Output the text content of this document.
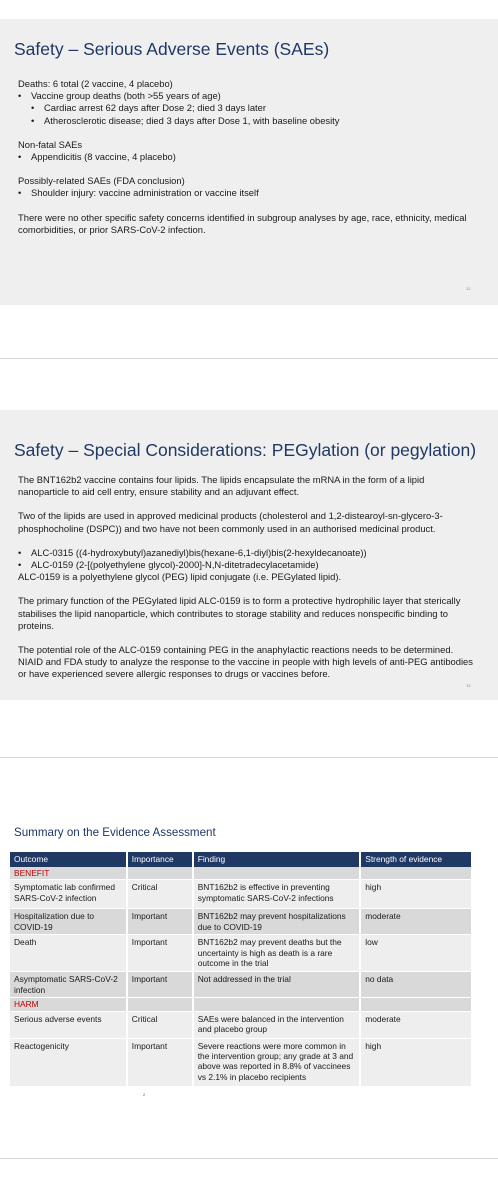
Safety – Serious Adverse Events (SAEs)

Deaths: 6 total (2 vaccine, 4 placebo)

•	Vaccine group deaths (both >55 years of age)
•	Cardiac arrest 62 days after Dose 2; died 3 days later
•	Atherosclerotic disease; died 3 days after Dose 1, with baseline obesity

Non-fatal SAEs

•	Appendicitis (8 vaccine, 4 placebo)

Possibly-related SAEs (FDA conclusion)

•	Shoulder injury: vaccine administration or vaccine itself

There were no other specific safety concerns identified in subgroup analyses by age, race, ethnicity, medical comorbidities, or prior SARS-CoV-2 infection.

12
Safety – Special Considerations: PEGylation (or pegylation)

The BNT162b2 vaccine contains four lipids. The lipids encapsulate the mRNA in the form of a lipid nanoparticle to aid cell entry, ensure stability and an adjuvant effect.

Two of the lipids are used in approved medicinal products (cholesterol and 1,2-distearoyl-sn-glycero-3-phosphocholine (DSPC)) and two have not been commonly used in an authorised medicinal product.

•	ALC-0315 ((4-hydroxybutyl)azanediyl)bis(hexane-6,1-diyl)bis(2-hexyldecanoate))
•	ALC-0159 (2-[(polyethylene glycol)-2000]-N,N-ditetradecylacetamide)

ALC-0159 is a polyethylene glycol (PEG) lipid conjugate (i.e. PEGylated lipid).

The primary function of the PEGylated lipid ALC-0159 is to form a protective hydrophilic layer that sterically stabilises the lipid nanoparticle, which contributes to storage stability and reduces nonspecific binding to proteins.

The potential role of the ALC-0159 containing PEG in the anaphylactic reactions needs to be determined. NIAID and FDA study to analyze the response to the vaccine in people with high levels of anti-PEG antibodies or have experienced severe allergic responses to drugs or vaccines before.

13
Summary on the Evidence Assessment
Outcome	Importance	Finding	Strength of evidence
BENEFIT			
Symptomatic lab confirmed SARS-CoV-2 infection	Critical	BNT162b2 is effective in preventing symptomatic SARS-CoV-2 infections	high
Hospitalization due to COVID-19	Important	BNT162b2 may prevent hospitalizations due to COVID-19	moderate
Death	Important	BNT162b2 may prevent deaths but the uncertainty is high as death is a rare outcome in the trial	low
Asymptomatic SARS-CoV-2 infection	Important	Not addressed in the trial	no data
HARM			
Serious adverse events	Critical	SAEs were balanced in the intervention and placebo group	moderate
Reactogenicity	Important	Severe reactions were more common in the intervention group; any grade at 3 and above was reported in 8.8% of vaccinees vs 2.1% in placebo recipients	high
2
